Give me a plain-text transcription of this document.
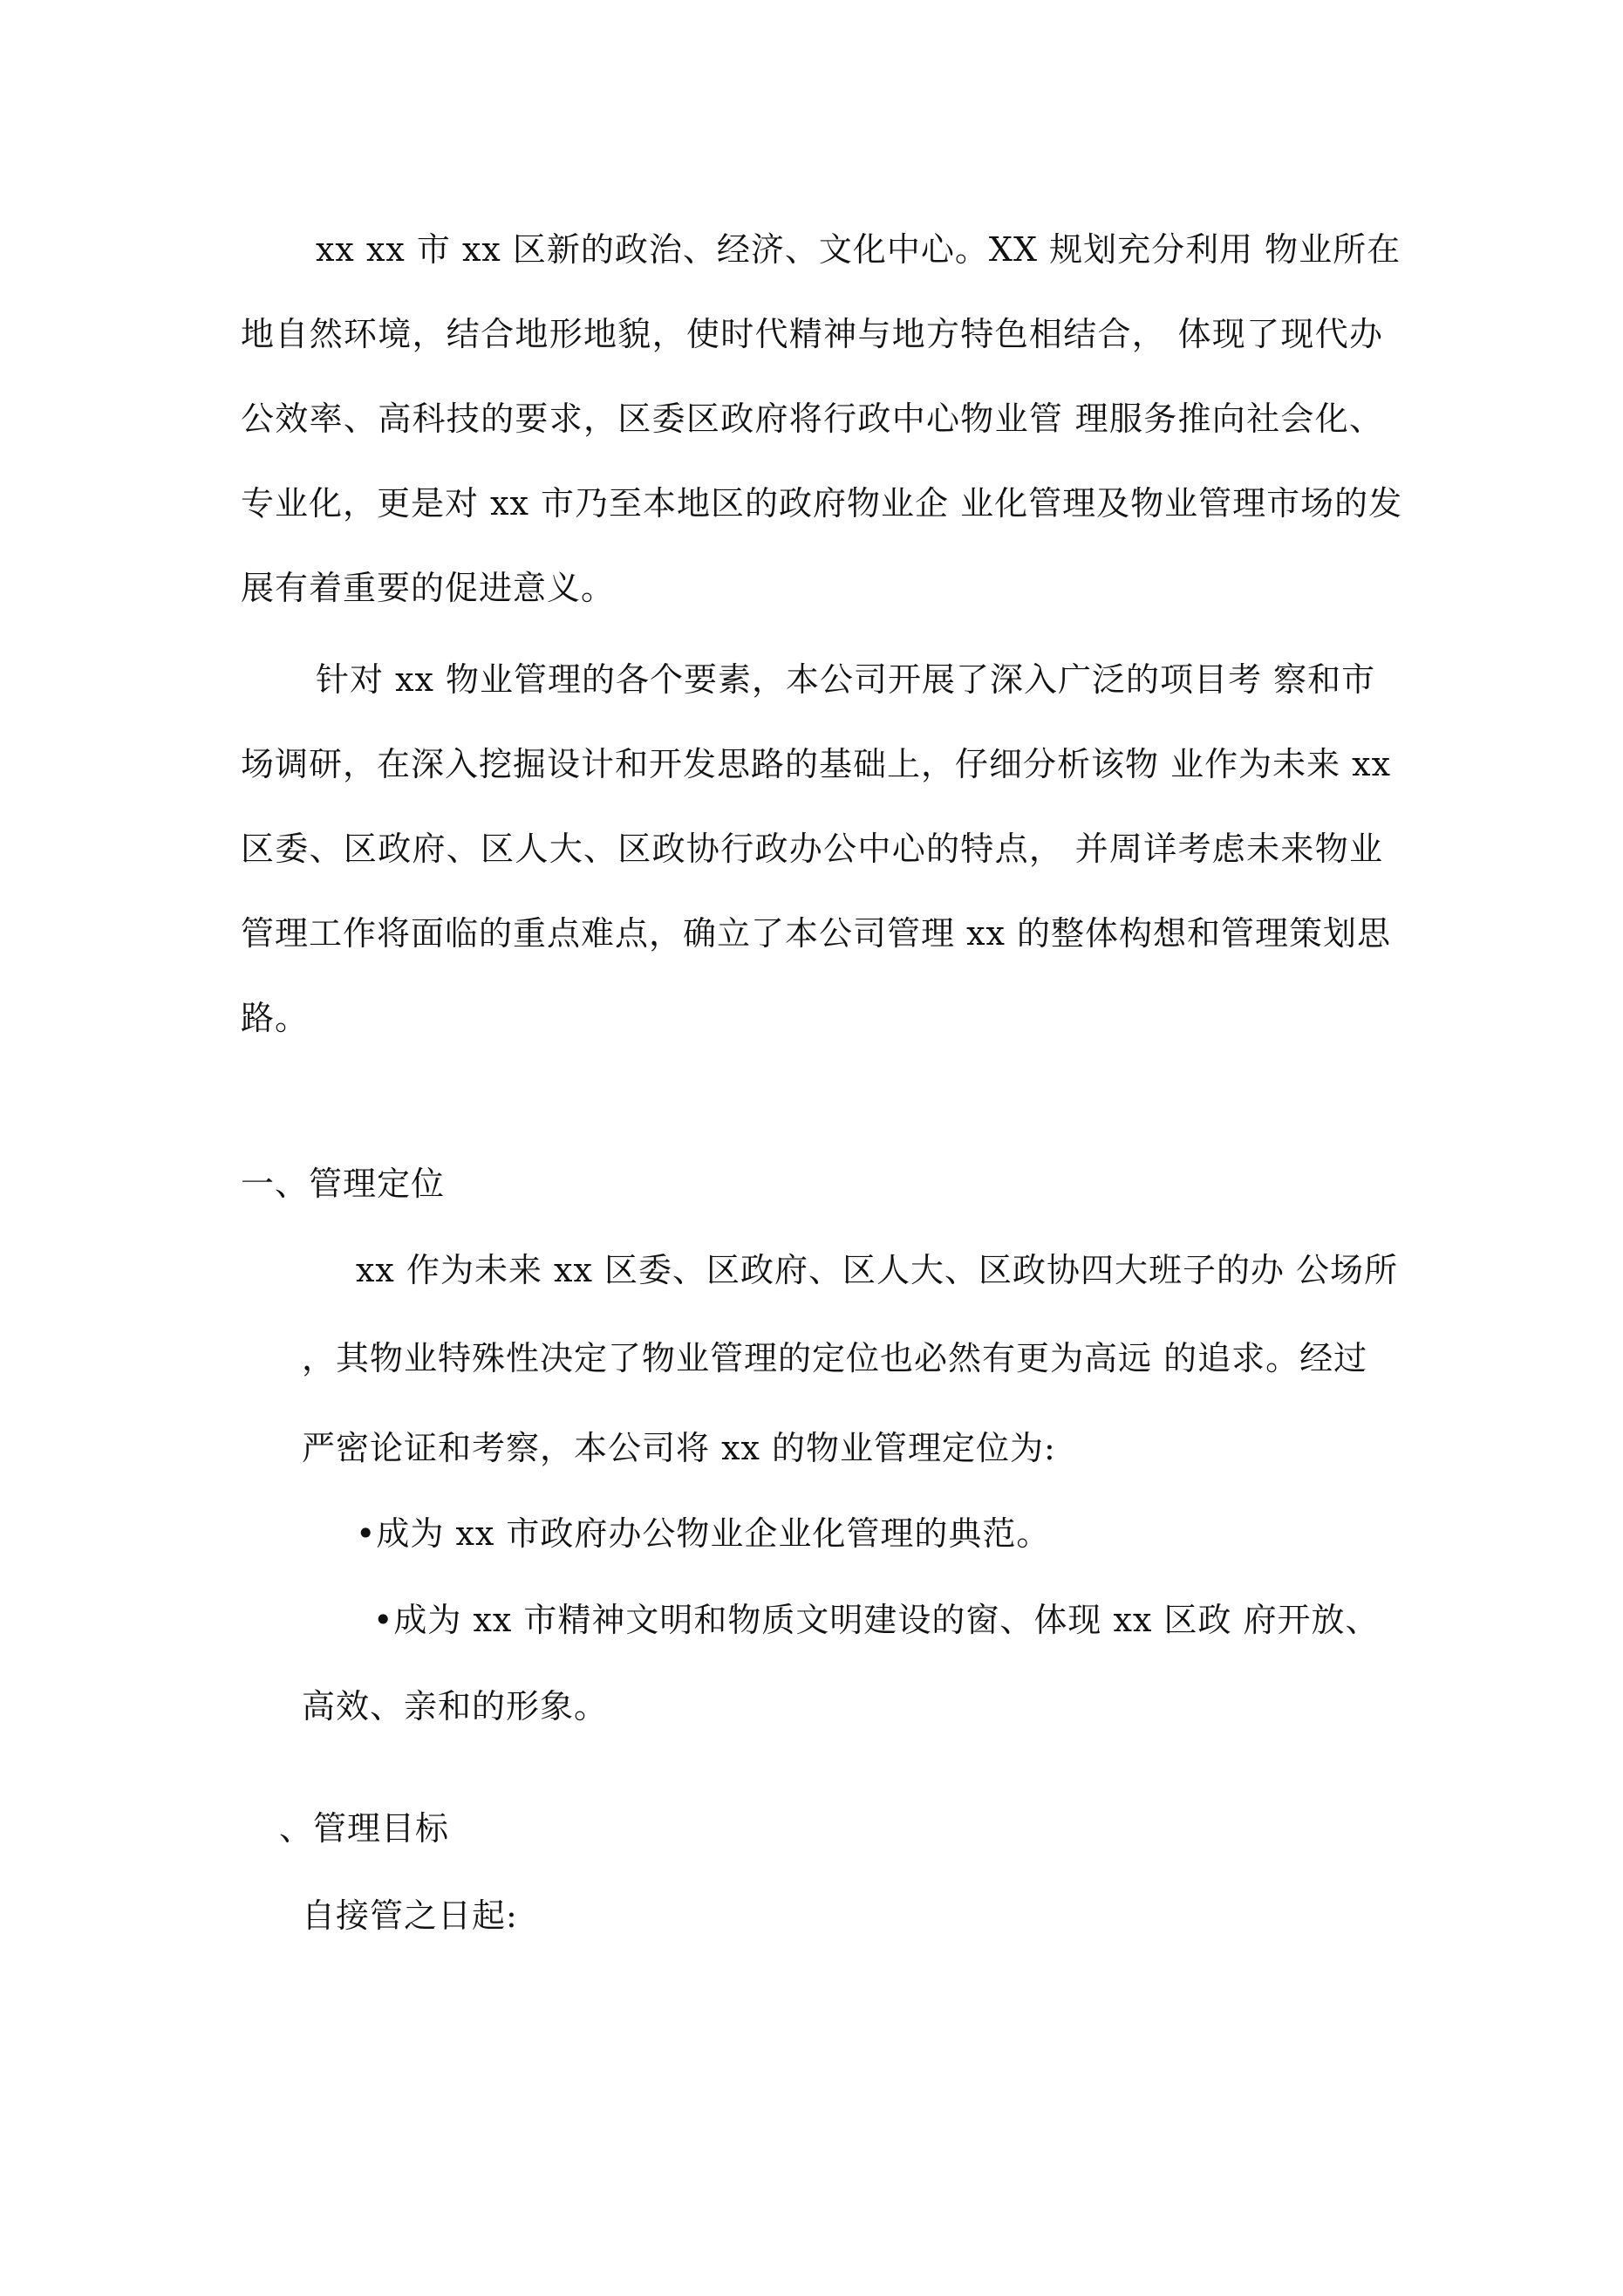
xx xx 市 xx 区新的政治、经济、文化中心。XX 规划充分利用 物业所在
地自然环境，结合地形地貌，使时代精神与地方特色相结合， 体现了现代办
公效率、高科技的要求，区委区政府将行政中心物业管 理服务推向社会化、
专业化，更是对 xx 市乃至本地区的政府物业企 业化管理及物业管理市场的发
展有着重要的促进意义。
针对 xx 物业管理的各个要素，本公司开展了深入广泛的项目考 察和市
场调研，在深入挖掘设计和开发思路的基础上，仔细分析该物 业作为未来 xx
区委、区政府、区人大、区政协行政办公中心的特点， 并周详考虑未来物业
管理工作将面临的重点难点，确立了本公司管理 xx 的整体构想和管理策划思
路。
一、管理定位
xx 作为未来 xx 区委、区政府、区人大、区政协四大班子的办 公场所
，其物业特殊性决定了物业管理的定位也必然有更为高远 的追求。经过
严密论证和考察，本公司将 xx 的物业管理定位为:
•成为 xx 市政府办公物业企业化管理的典范。
•成为 xx 市精神文明和物质文明建设的窗、体现 xx 区政 府开放、
高效、亲和的形象。
、管理目标
自接管之日起:
